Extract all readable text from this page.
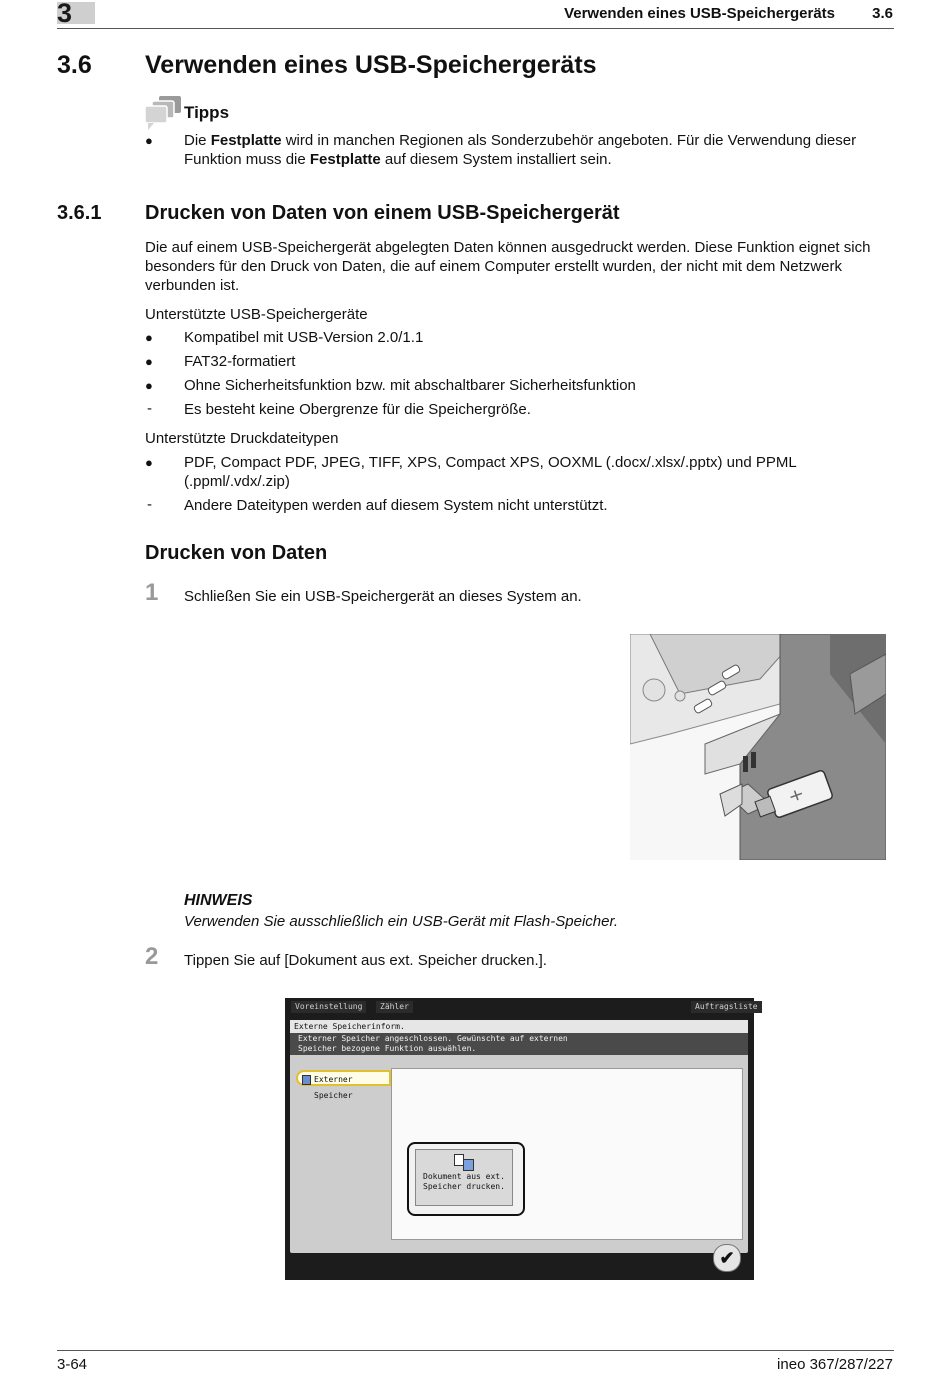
3	Verwenden eines USB-Speichergeräts 3.6
3.6 Verwenden eines USB-Speichergeräts
Tipps
● Die Festplatte wird in manchen Regionen als Sonderzubehör angeboten. Für die Verwendung dieser Funktion muss die Festplatte auf diesem System installiert sein.
3.6.1 Drucken von Daten von einem USB-Speichergerät
Die auf einem USB-Speichergerät abgelegten Daten können ausgedruckt werden. Diese Funktion eignet sich besonders für den Druck von Daten, die auf einem Computer erstellt wurden, der nicht mit dem Netzwerk verbunden ist.
Unterstützte USB-Speichergeräte
● Kompatibel mit USB-Version 2.0/1.1
● FAT32-formatiert
● Ohne Sicherheitsfunktion bzw. mit abschaltbarer Sicherheitsfunktion
- Es besteht keine Obergrenze für die Speichergröße.
Unterstützte Druckdateitypen
● PDF, Compact PDF, JPEG, TIFF, XPS, Compact XPS, OOXML (.docx/.xlsx/.pptx) und PPML (.ppml/.vdx/.zip)
- Andere Dateitypen werden auf diesem System nicht unterstützt.
Drucken von Daten
1 Schließen Sie ein USB-Speichergerät an dieses System an.
HINWEIS
Verwenden Sie ausschließlich ein USB-Gerät mit Flash-Speicher.
2 Tippen Sie auf [Dokument aus ext. Speicher drucken.].
Voreinstellung	Zähler	Auftragsliste
Externe Speicherinform.
Externer Speicher angeschlossen. Gewünschte auf externen
Speicher bezogene Funktion auswählen.
Externer Speicher
Dokument aus ext.
Speicher drucken.
✔
3-64	ineo 367/287/227
